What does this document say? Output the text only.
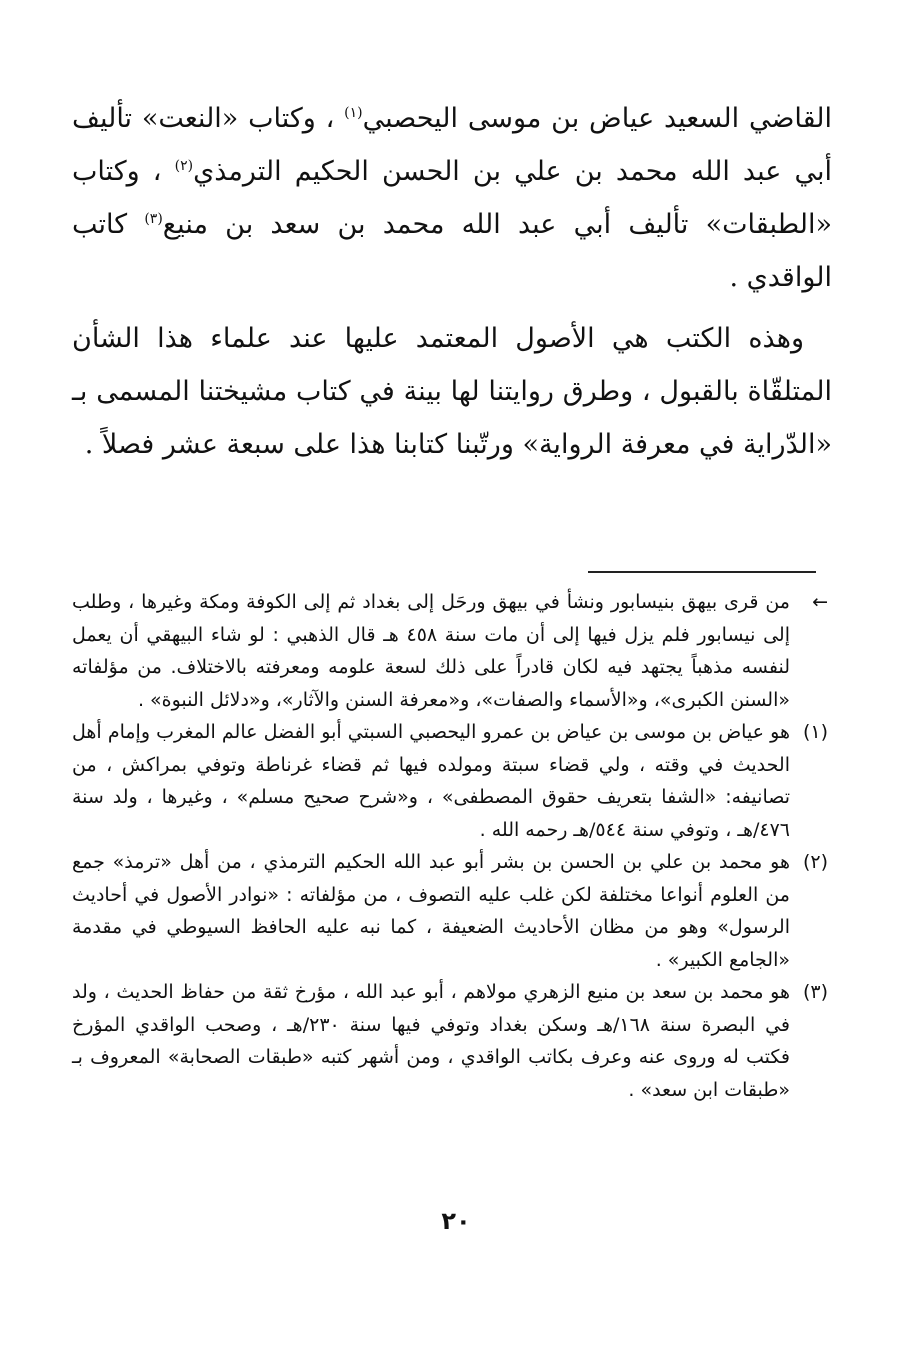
القاضي السعيد عياض بن موسى اليحصبي$^{(١)}$ ، وكتاب «النعت» تأليف أبي عبد الله محمد بن علي بن الحسن الحكيم الترمذي$^{(٢)}$ ، وكتاب «الطبقات» تأليف أبي عبد الله محمد بن سعد بن منيع$^{(٣)}$ كاتب الواقدي .

وهذه الكتب هي الأصول المعتمد عليها عند علماء هذا الشأن المتلقّاة بالقبول ، وطرق روايتنا لها بينة في كتاب مشيختنا المسمى بـ «الدّراية في معرفة الرواية» ورتّبنا كتابنا هذا على سبعة عشر فصلاً .

←
من قرى بيهق بنيسابور ونشأ في بيهق ورحَل إلى بغداد ثم إلى الكوفة ومكة وغيرها ، وطلب إلى نيسابور فلم يزل فيها إلى أن مات سنة ٤٥٨ هـ قال الذهبي : لو شاء البيهقي أن يعمل لنفسه مذهباً يجتهد فيه لكان قادراً على ذلك لسعة علومه ومعرفته بالاختلاف. من مؤلفاته «السنن الكبرى»، و«الأسماء والصفات»، و«معرفة السنن والآثار»، و«دلائل النبوة» .
(١)
هو عياض بن موسى بن عياض بن عمرو اليحصبي السبتي أبو الفضل عالم المغرب وإمام أهل الحديث في وقته ، ولي قضاء سبتة ومولده فيها ثم قضاء غرناطة وتوفي بمراكش ، من تصانيفه: «الشفا بتعريف حقوق المصطفى» ، و«شرح صحيح مسلم» ، وغيرها ، ولد سنة ٤٧٦/هـ ، وتوفي سنة ٥٤٤/هـ رحمه الله .
(٢)
هو محمد بن علي بن الحسن بن بشر أبو عبد الله الحكيم الترمذي ، من أهل «ترمذ» جمع من العلوم أنواعا مختلفة لكن غلب عليه التصوف ، من مؤلفاته : «نوادر الأصول في أحاديث الرسول» وهو من مظان الأحاديث الضعيفة ، كما نبه عليه الحافظ السيوطي في مقدمة «الجامع الكبير» .
(٣)
هو محمد بن سعد بن منيع الزهري مولاهم ، أبو عبد الله ، مؤرخ ثقة من حفاظ الحديث ، ولد في البصرة سنة ١٦٨/هـ وسكن بغداد وتوفي فيها سنة ٢٣٠/هـ ، وصحب الواقدي المؤرخ فكتب له وروى عنه وعرف بكاتب الواقدي ، ومن أشهر كتبه «طبقات الصحابة» المعروف بـ «طبقات ابن سعد» .
٢٠
